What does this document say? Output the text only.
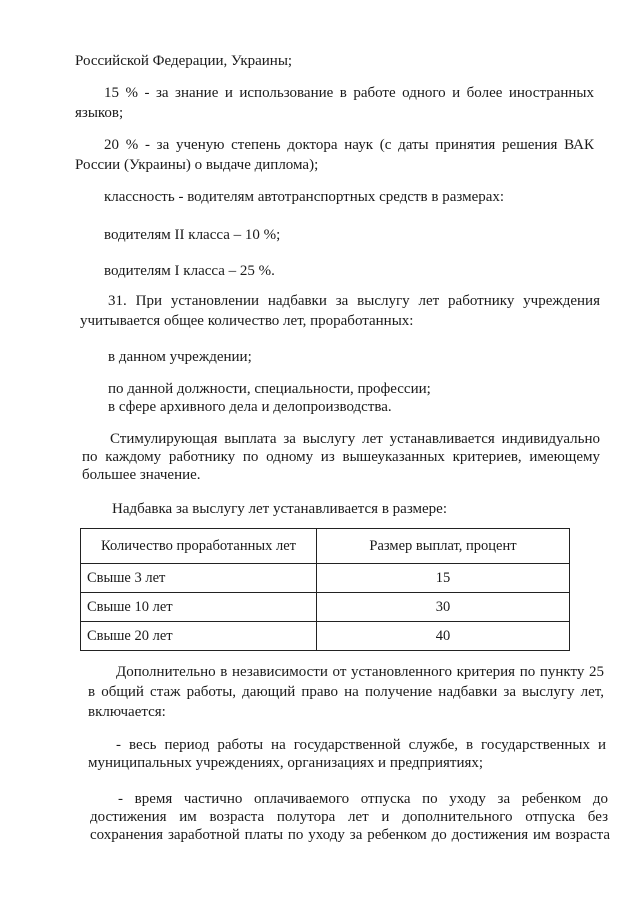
Российской Федерации, Украины;
15 % - за знание и использование в работе одного и более иностранных
языков;
20 % - за ученую степень доктора наук (с даты принятия решения ВАК
России (Украины) о выдаче диплома);
классность - водителям автотранспортных средств в размерах:
водителям II класса – 10 %;
водителям I класса – 25 %.
31. При установлении надбавки за выслугу лет работнику учреждения
учитывается общее количество лет, проработанных:
в данном учреждении;
по данной должности, специальности, профессии;
в сфере архивного дела и делопроизводства.
Стимулирующая выплата за выслугу лет устанавливается индивидуально
по каждому работнику по одному из вышеуказанных критериев, имеющему
большее значение.
Надбавка за выслугу лет устанавливается в размере:
Количество проработанных лет	Размер выплат, процент
Свыше 3 лет	15
Свыше 10 лет	30
Свыше 20 лет	40
Дополнительно в независимости от установленного критерия по пункту 25
в общий стаж работы, дающий право на получение надбавки за выслугу лет,
включается:
- весь период работы на государственной службе, в государственных и
муниципальных учреждениях, организациях и предприятиях;
- время частично оплачиваемого отпуска по уходу за ребенком до
достижения им возраста полутора лет и дополнительного отпуска без
сохранения заработной платы по уходу за ребенком до достижения им возраста
